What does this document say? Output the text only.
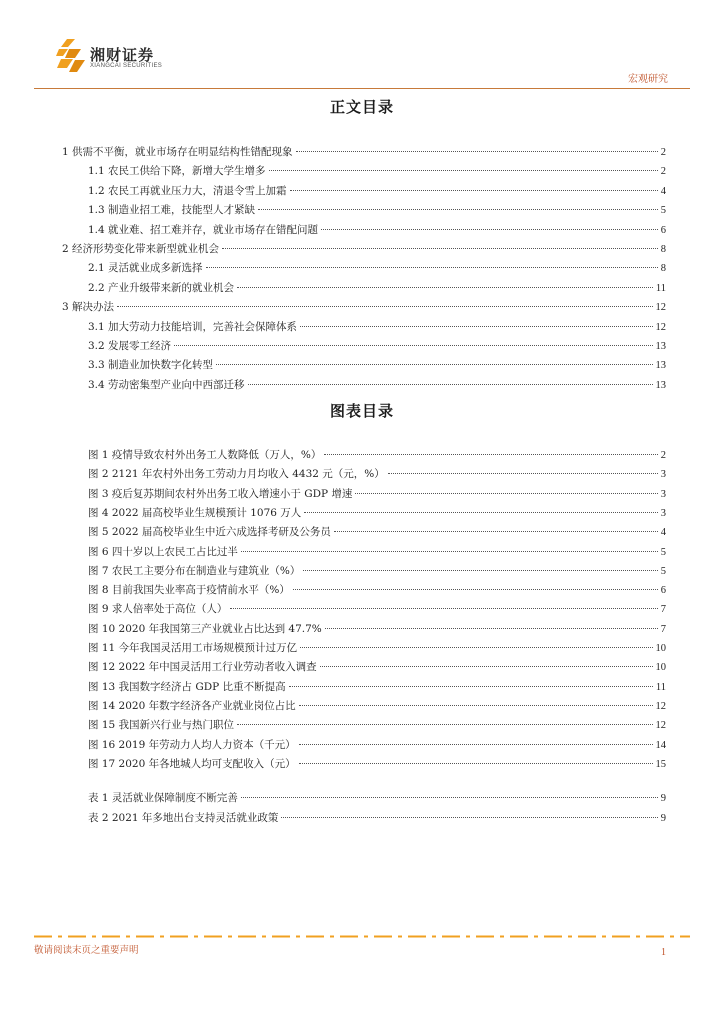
湘财证券
XIANGCAI SECURITIES
宏观研究
正文目录
1 供需不平衡，就业市场存在明显结构性错配现象	2
1.1 农民工供给下降，新增大学生增多	2
1.2 农民工再就业压力大，清退令雪上加霜	4
1.3 制造业招工难，技能型人才紧缺	5
1.4 就业难、招工难并存，就业市场存在错配问题	6
2 经济形势变化带来新型就业机会	8
2.1 灵活就业成多新选择	8
2.2 产业升级带来新的就业机会	11
3 解决办法	12
3.1 加大劳动力技能培训，完善社会保障体系	12
3.2 发展零工经济	13
3.3 制造业加快数字化转型	13
3.4 劳动密集型产业向中西部迁移	13
图表目录
图 1 疫情导致农村外出务工人数降低（万人，%）	2
图 2 2121 年农村外出务工劳动力月均收入 4432 元（元，%）	3
图 3 疫后复苏期间农村外出务工收入增速小于 GDP 增速	3
图 4 2022 届高校毕业生规模预计 1076 万人	3
图 5 2022 届高校毕业生中近六成选择考研及公务员	4
图 6 四十岁以上农民工占比过半	5
图 7 农民工主要分布在制造业与建筑业（%）	5
图 8 目前我国失业率高于疫情前水平（%）	6
图 9 求人倍率处于高位（人）	7
图 10 2020 年我国第三产业就业占比达到 47.7%	7
图 11 今年我国灵活用工市场规模预计过万亿	10
图 12 2022 年中国灵活用工行业劳动者收入调查	10
图 13 我国数字经济占 GDP 比重不断提高	11
图 14 2020 年数字经济各产业就业岗位占比	12
图 15 我国新兴行业与热门职位	12
图 16 2019 年劳动力人均人力资本（千元）	14
图 17 2020 年各地城人均可支配收入（元）	15
表 1 灵活就业保障制度不断完善	9
表 2 2021 年多地出台支持灵活就业政策	9
敬请阅读末页之重要声明	1
